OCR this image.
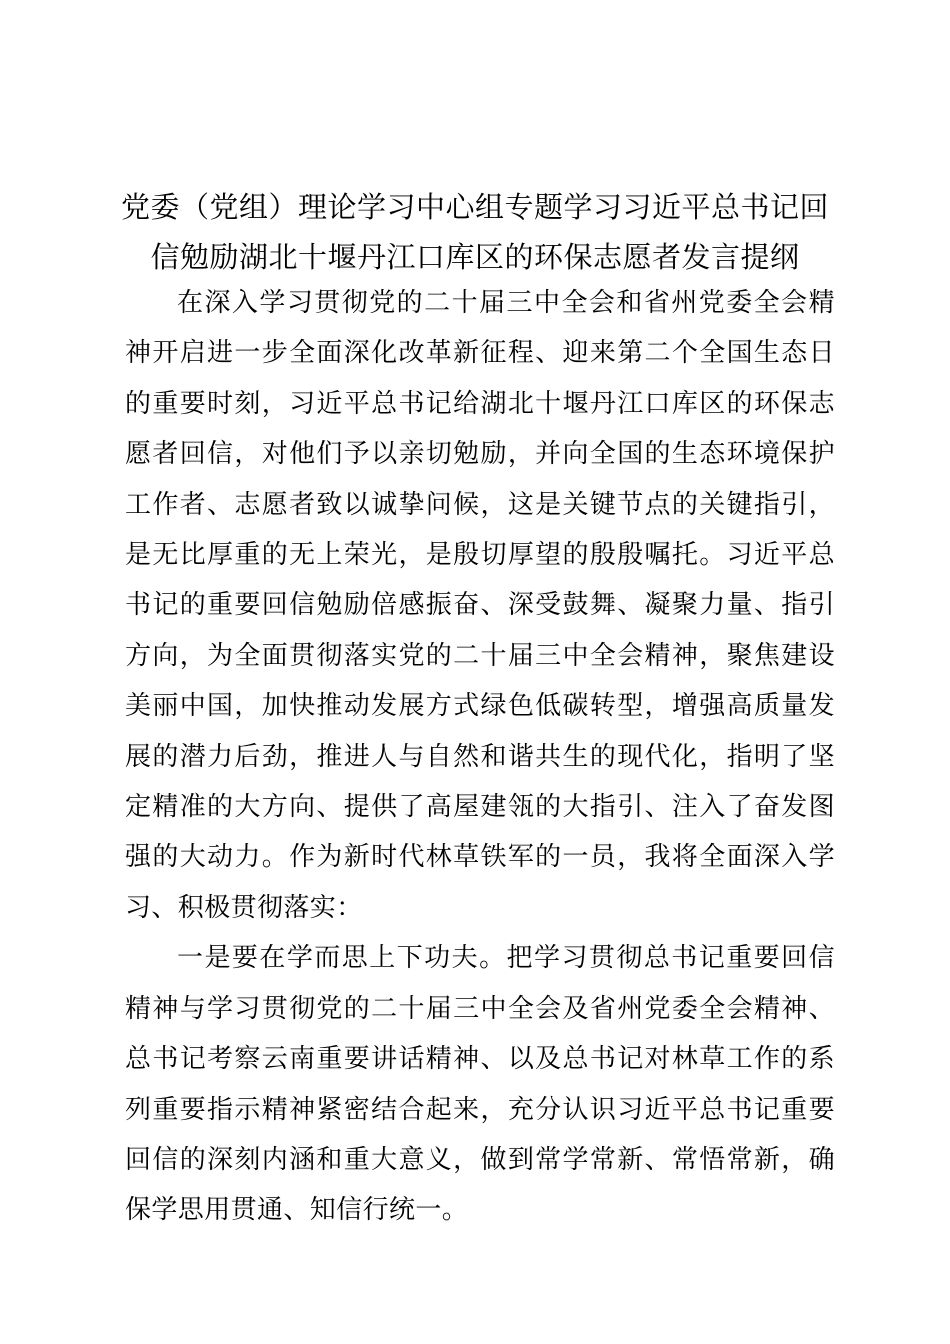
党委（党组）理论学习中心组专题学习习近平总书记回
信勉励湖北十堰丹江口库区的环保志愿者发言提纲

在深入学习贯彻党的二十届三中全会和省州党委全会精神开启进一步全面深化改革新征程、迎来第二个全国生态日的重要时刻，习近平总书记给湖北十堰丹江口库区的环保志愿者回信，对他们予以亲切勉励，并向全国的生态环境保护工作者、志愿者致以诚挚问候，这是关键节点的关键指引，是无比厚重的无上荣光，是殷切厚望的殷殷嘱托。习近平总书记的重要回信勉励倍感振奋、深受鼓舞、凝聚力量、指引方向，为全面贯彻落实党的二十届三中全会精神，聚焦建设美丽中国，加快推动发展方式绿色低碳转型，增强高质量发展的潜力后劲，推进人与自然和谐共生的现代化，指明了坚定精准的大方向、提供了高屋建瓴的大指引、注入了奋发图强的大动力。作为新时代林草铁军的一员，我将全面深入学习、积极贯彻落实：

一是要在学而思上下功夫。把学习贯彻总书记重要回信精神与学习贯彻党的二十届三中全会及省州党委全会精神、总书记考察云南重要讲话精神、以及总书记对林草工作的系列重要指示精神紧密结合起来，充分认识习近平总书记重要回信的深刻内涵和重大意义，做到常学常新、常悟常新，确保学思用贯通、知信行统一。
